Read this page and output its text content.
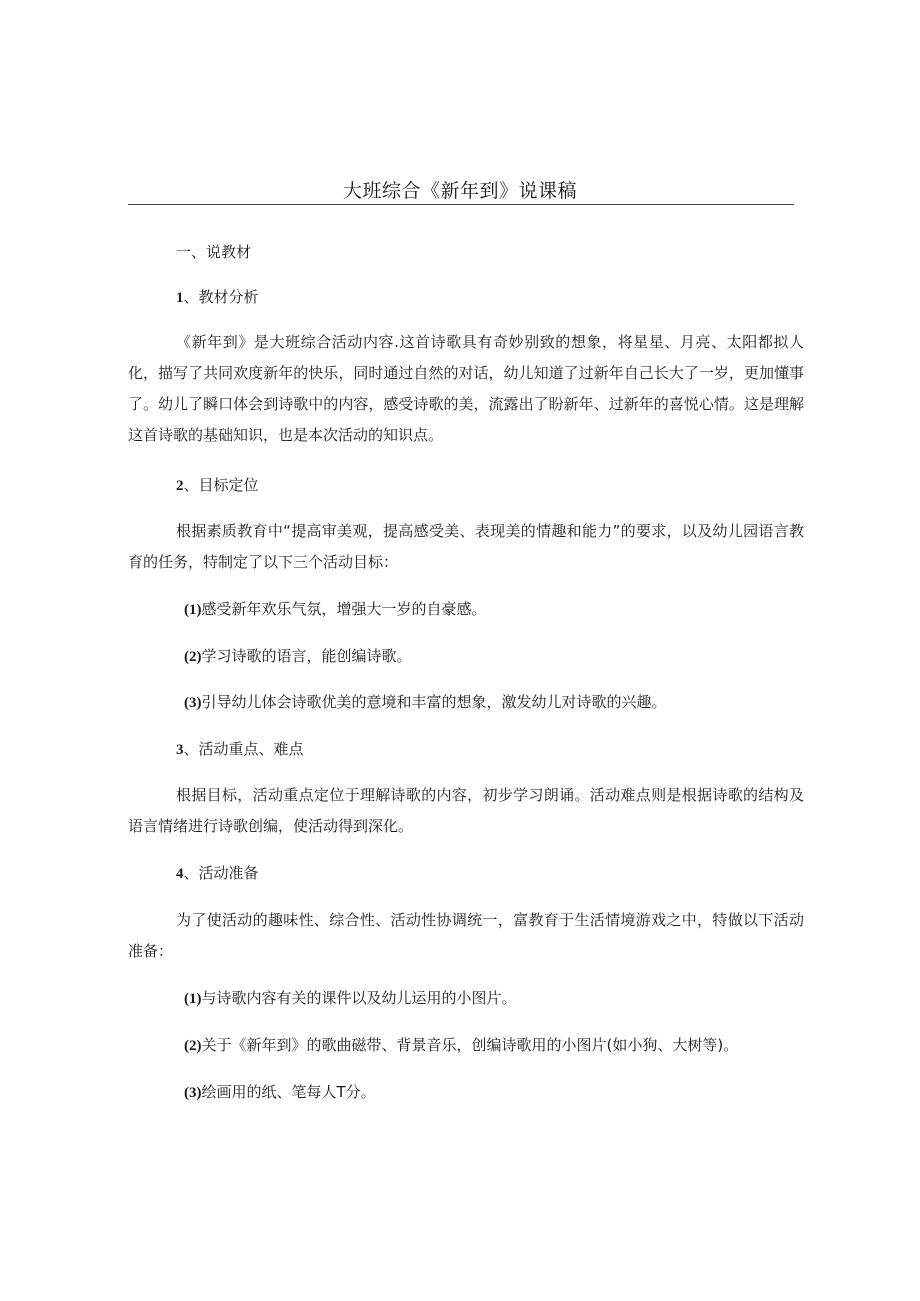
大班综合《新年到》说课稿
一、说教材
1、教材分析
《新年到》是大班综合活动内容.这首诗歌具有奇妙别致的想象，将星星、月亮、太阳都拟人化，描写了共同欢度新年的快乐，同时通过自然的对话，幼儿知道了过新年自己长大了一岁，更加懂事了。幼儿了瞬口体会到诗歌中的内容，感受诗歌的美，流露出了盼新年、过新年的喜悦心情。这是理解这首诗歌的基础知识，也是本次活动的知识点。
2、目标定位
根据素质教育中“提高审美观，提高感受美、表现美的情趣和能力”的要求，以及幼儿园语言教育的任务，特制定了以下三个活动目标：
(1)感受新年欢乐气氛，增强大一岁的自豪感。
(2)学习诗歌的语言，能创编诗歌。
(3)引导幼儿体会诗歌优美的意境和丰富的想象，激发幼儿对诗歌的兴趣。
3、活动重点、难点
根据目标，活动重点定位于理解诗歌的内容，初步学习朗诵。活动难点则是根据诗歌的结构及语言情绪进行诗歌创编，使活动得到深化。
4、活动准备
为了使活动的趣味性、综合性、活动性协调统一，富教育于生活情境游戏之中，特做以下活动准备：
(1)与诗歌内容有关的课件以及幼儿运用的小图片。
(2)关于《新年到》的歌曲磁带、背景音乐，创编诗歌用的小图片(如小狗、大树等)。
(3)绘画用的纸、笔每人T分。
